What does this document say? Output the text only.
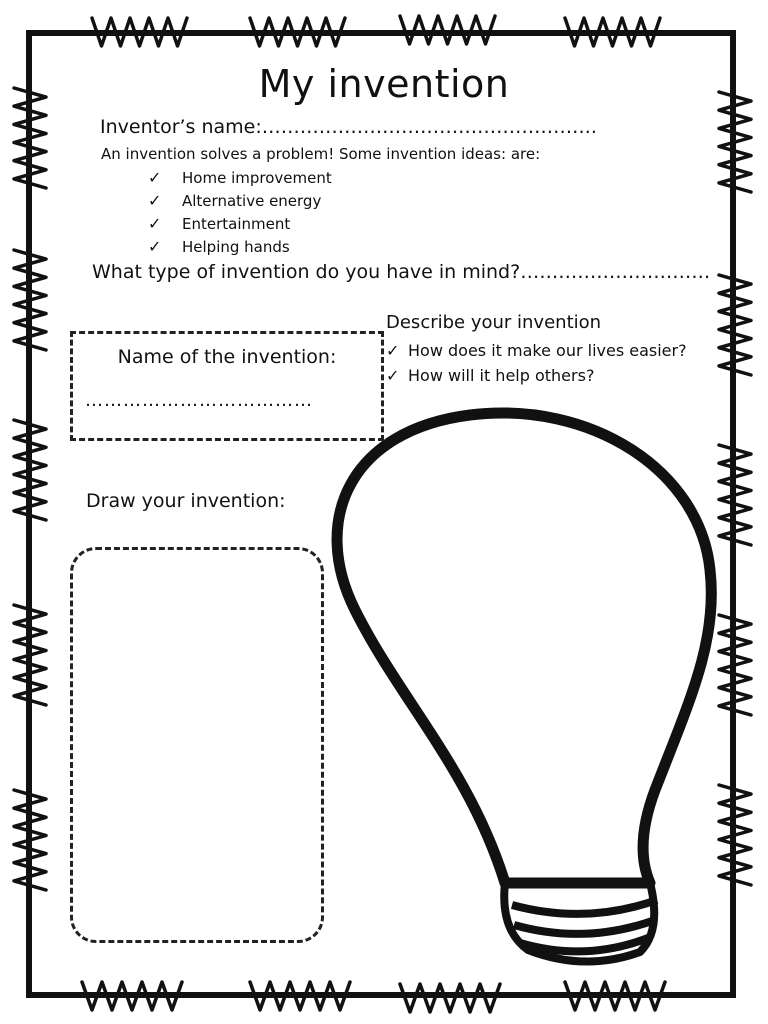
My invention
Inventor’s name:……………………………………………..
An invention solves a problem! Some invention ideas: are:
✓	Home improvement
✓	Alternative energy
✓	Entertainment
✓	Helping hands
What type of invention do you have in mind?…………………………
Describe your invention
✓ How does it make our lives easier?
✓ How will it help others?
Name of the invention:
………………………………
Draw your invention:
